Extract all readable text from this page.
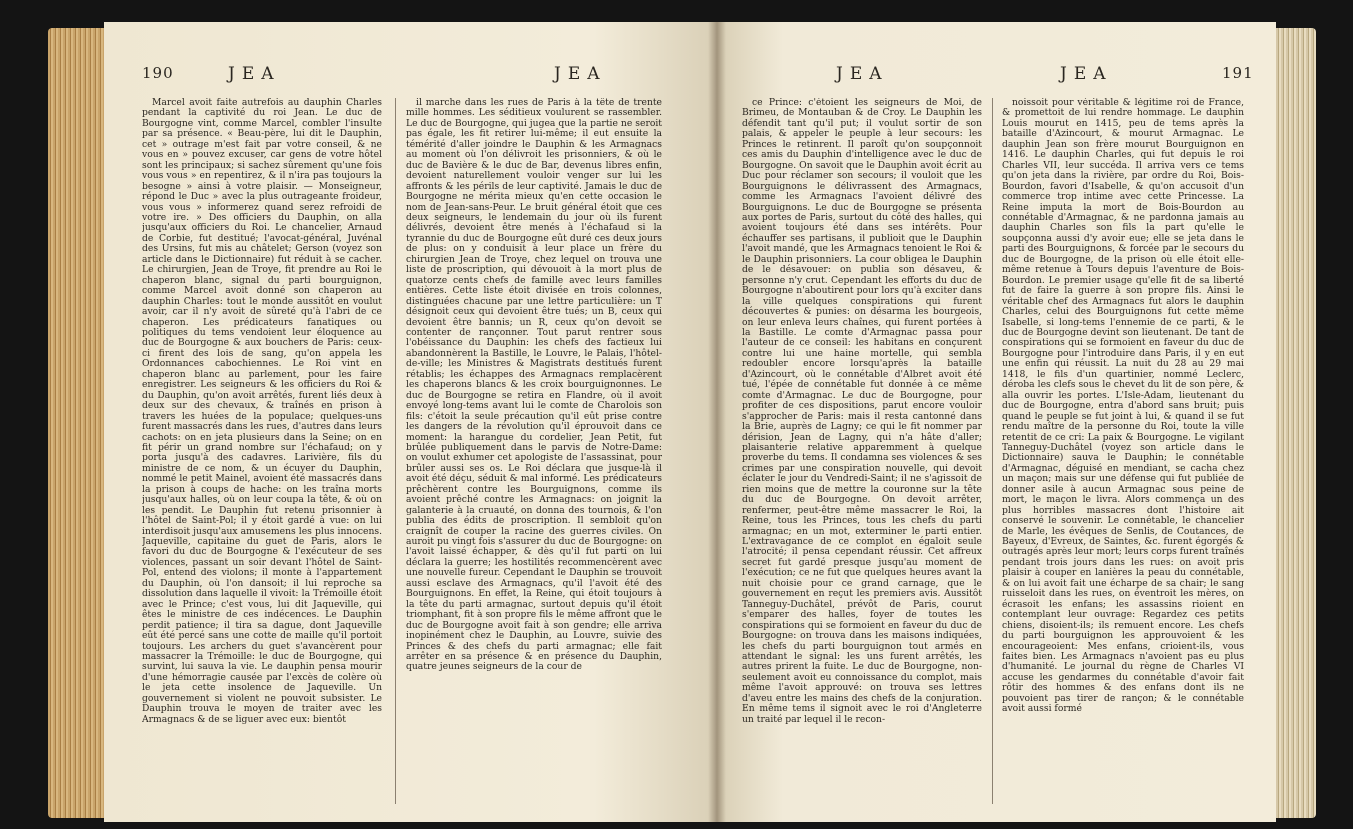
190	JEA	JEA

Marcel avoit faite autrefois au dauphin Charles pendant la captivité du roi Jean. Le duc de Bourgogne vint, comme Marcel, combler l'insulte par sa présence. « Beau-père, lui dit le Dauphin, cet » outrage m'est fait par votre conseil, & ne vous en » pouvez excuser, car gens de votre hôtel sont les principaux; si sachez sûrement qu'une fois vous vous » en repentirez, & il n'ira pas toujours la besogne » ainsi à votre plaisir. — Monseigneur, répond le Duc » avec la plus outrageante froideur, vous vous » informerez quand serez refroidi de votre ire. » Des officiers du Dauphin, on alla jusqu'aux officiers du Roi. Le chancelier, Arnaud de Corbie, fut destitué; l'avocat-général, Juvénal des Ursins, fut mis au châtelet; Gerson (voyez son article dans le Dictionnaire) fut réduit à se cacher. Le chirurgien, Jean de Troye, fit prendre au Roi le chaperon blanc, signal du parti bourguignon, comme Marcel avoit donné son chaperon au dauphin Charles: tout le monde aussitôt en voulut avoir, car il n'y avoit de sûreté qu'à l'abri de ce chaperon. Les prédicateurs fanatiques ou politiques du tems vendoient leur éloquence au duc de Bourgogne & aux bouchers de Paris: ceux-ci firent des lois de sang, qu'on appela les Ordonnances cabochiennes. Le Roi vint en chaperon blanc au parlement, pour les faire enregistrer. Les seigneurs & les officiers du Roi & du Dauphin, qu'on avoit arrêtés, furent liés deux à deux sur des chevaux, & traînés en prison à travers les huées de la populace; quelques-uns furent massacrés dans les rues, d'autres dans leurs cachots: on en jeta plusieurs dans la Seine; on en fit périr un grand nombre sur l'échafaud; on y porta jusqu'à des cadavres. Larivière, fils du ministre de ce nom, & un écuyer du Dauphin, nommé le petit Mainel, avoient été massacrés dans la prison à coups de hache: on les traîna morts jusqu'aux halles, où on leur coupa la tête, & où on les pendit. Le Dauphin fut retenu prisonnier à l'hôtel de Saint-Pol; il y étoit gardé à vue: on lui interdisoit jusqu'aux amusemens les plus innocens. Jaqueville, capitaine du guet de Paris, alors le favori du duc de Bourgogne & l'exécuteur de ses violences, passant un soir devant l'hôtel de Saint-Pol, entend des violons; il monte à l'appartement du Dauphin, où l'on dansoit; il lui reproche sa dissolution dans laquelle il vivoit: la Trémoille étoit avec le Prince; c'est vous, lui dit Jaqueville, qui êtes le ministre de ces indécences. Le Dauphin perdit patience; il tira sa dague, dont Jaqueville eût été percé sans une cotte de maille qu'il portoit toujours. Les archers du guet s'avancèrent pour massacrer la Trémoille: le duc de Bourgogne, qui survint, lui sauva la vie. Le dauphin pensa mourir d'une hémorragie causée par l'excès de colère où le jeta cette insolence de Jaqueville. Un gouvernement si violent ne pouvoit subsister. Le Dauphin trouva le moyen de traiter avec les Armagnacs & de se liguer avec eux: bientôt

il marche dans les rues de Paris à la tête de trente mille hommes. Les séditieux voulurent se rassembler. Le duc de Bourgogne, qui jugea que la partie ne seroit pas égale, les fit retirer lui-même; il eut ensuite la témérité d'aller joindre le Dauphin & les Armagnacs au moment où l'on délivroit les prisonniers, & où le duc de Bavière & le duc de Bar, devenus libres enfin, devoient naturellement vouloir venger sur lui les affronts & les périls de leur captivité. Jamais le duc de Bourgogne ne mérita mieux qu'en cette occasion le nom de Jean-sans-Peur. Le bruit général étoit que ces deux seigneurs, le lendemain du jour où ils furent délivrés, devoient être menés à l'échafaud si la tyrannie du duc de Bourgogne eût duré ces deux jours de plus: on y conduisit à leur place un frère du chirurgien Jean de Troye, chez lequel on trouva une liste de proscription, qui dévouoit à la mort plus de quatorze cents chefs de famille avec leurs familles entières. Cette liste étoit divisée en trois colonnes, distinguées chacune par une lettre particulière: un T désignoit ceux qui devoient être tués; un B, ceux qui devoient être bannis; un R, ceux qu'on devoit se contenter de rançonner. Tout parut rentrer sous l'obéissance du Dauphin: les chefs des factieux lui abandonnèrent la Bastille, le Louvre, le Palais, l'hôtel-de-ville; les Ministres & Magistrats destitués furent rétablis; les échappes des Armagnacs remplacèrent les chaperons blancs & les croix bourguignonnes. Le duc de Bourgogne se retira en Flandre, où il avoit envoyé long-tems avant lui le comte de Charolois son fils: c'étoit la seule précaution qu'il eût prise contre les dangers de la révolution qu'il éprouvoit dans ce moment: la harangue du cordelier, Jean Petit, fut brûlée publiquement dans le parvis de Notre-Dame: on voulut exhumer cet apologiste de l'assassinat, pour brûler aussi ses os. Le Roi déclara que jusque-là il avoit été déçu, séduit & mal informé. Les prédicateurs prêchèrent contre les Bourguignons, comme ils avoient prêché contre les Armagnacs: on joignit la galanterie à la cruauté, on donna des tournois, & l'on publia des édits de proscription. Il sembloit qu'on craignît de couper la racine des guerres civiles. On auroit pu vingt fois s'assurer du duc de Bourgogne: on l'avoit laissé échapper, & dès qu'il fut parti on lui déclara la guerre; les hostilités recommencèrent avec une nouvelle fureur. Cependant le Dauphin se trouvoit aussi esclave des Armagnacs, qu'il l'avoit été des Bourguignons. En effet, la Reine, qui étoit toujours à la tête du parti armagnac, surtout depuis qu'il étoit triomphant, fit à son propre fils le même affront que le duc de Bourgogne avoit fait à son gendre; elle arriva inopinément chez le Dauphin, au Louvre, suivie des Princes & des chefs du parti armagnac; elle fait arrêter en sa présence & en présence du Dauphin, quatre jeunes seigneurs de la cour de

JEA	JEA	191

ce Prince: c'étoient les seigneurs de Moi, de Brimeu, de Montauban & de Croy. Le Dauphin les défendit tant qu'il put; il voulut sortir de son palais, & appeler le peuple à leur secours: les Princes le retinrent. Il paroît qu'on soupçonnoit ces amis du Dauphin d'intelligence avec le duc de Bourgogne. On savoit que le Dauphin avoit écrit au Duc pour réclamer son secours; il vouloit que les Bourguignons le délivrassent des Armagnacs, comme les Armagnacs l'avoient délivré des Bourguignons. Le duc de Bourgogne se présenta aux portes de Paris, surtout du côté des halles, qui avoient toujours été dans ses intérêts. Pour échauffer ses partisans, il publioit que le Dauphin l'avoit mandé, que les Armagnacs tenoient le Roi & le Dauphin prisonniers. La cour obligea le Dauphin de le désavouer: on publia son désaveu, & personne n'y crut. Cependant les efforts du duc de Bourgogne n'aboutirent pour lors qu'à exciter dans la ville quelques conspirations qui furent découvertes & punies: on désarma les bourgeois, on leur enleva leurs chaînes, qui furent portées à la Bastille. Le comte d'Armagnac passa pour l'auteur de ce conseil: les habitans en conçurent contre lui une haine mortelle, qui sembla redoubler encore lorsqu'après la bataille d'Azincourt, où le connétable d'Albret avoit été tué, l'épée de connétable fut donnée à ce même comte d'Armagnac. Le duc de Bourgogne, pour profiter de ces dispositions, parut encore vouloir s'approcher de Paris: mais il resta cantonné dans la Brie, auprès de Lagny; ce qui le fit nommer par dérision, Jean de Lagny, qui n'a hâte d'aller; plaisanterie relative apparemment à quelque proverbe du tems. Il condamna ses violences & ses crimes par une conspiration nouvelle, qui devoit éclater le jour du Vendredi-Saint; il ne s'agissoit de rien moins que de mettre la couronne sur la tête du duc de Bourgogne. On devoit arrêter, renfermer, peut-être même massacrer le Roi, la Reine, tous les Princes, tous les chefs du parti armagnac; en un mot, exterminer le parti entier. L'extravagance de ce complot en égaloit seule l'atrocité; il pensa cependant réussir. Cet affreux secret fut gardé presque jusqu'au moment de l'exécution; ce ne fut que quelques heures avant la nuit choisie pour ce grand carnage, que le gouvernement en reçut les premiers avis. Aussitôt Tanneguy-Duchâtel, prévôt de Paris, courut s'emparer des halles, foyer de toutes les conspirations qui se formoient en faveur du duc de Bourgogne: on trouva dans les maisons indiquées, les chefs du parti bourguignon tout armés en attendant le signal: les uns furent arrêtés, les autres prirent la fuite. Le duc de Bourgogne, non-seulement avoit eu connoissance du complot, mais même l'avoit approuvé: on trouva ses lettres d'aveu entre les mains des chefs de la conjuration. En même tems il signoit avec le roi d'Angleterre un traité par lequel il le recon-

noissoit pour véritable & légitime roi de France, & promettoit de lui rendre hommage. Le dauphin Louis mourut en 1415, peu de tems après la bataille d'Azincourt, & mourut Armagnac. Le dauphin Jean son frère mourut Bourguignon en 1416. Le dauphin Charles, qui fut depuis le roi Charles VII, leur succéda. Il arriva vers ce tems qu'on jeta dans la rivière, par ordre du Roi, Bois-Bourdon, favori d'Isabelle, & qu'on accusoit d'un commerce trop intime avec cette Princesse. La Reine imputa la mort de Bois-Bourdon au connétable d'Armagnac, & ne pardonna jamais au dauphin Charles son fils la part qu'elle le soupçonna aussi d'y avoir eue; elle se jeta dans le parti des Bourguignons, & forcée par le secours du duc de Bourgogne, de la prison où elle étoit elle-même retenue à Tours depuis l'aventure de Bois-Bourdon. Le premier usage qu'elle fit de sa liberté fut de faire la guerre à son propre fils. Ainsi le véritable chef des Armagnacs fut alors le dauphin Charles, celui des Bourguignons fut cette même Isabelle, si long-tems l'ennemie de ce parti, & le duc de Bourgogne devint son lieutenant. De tant de conspirations qui se formoient en faveur du duc de Bourgogne pour l'introduire dans Paris, il y en eut une enfin qui réussit. La nuit du 28 au 29 mai 1418, le fils d'un quartinier, nommé Leclerc, déroba les clefs sous le chevet du lit de son père, & alla ouvrir les portes. L'Isle-Adam, lieutenant du duc de Bourgogne, entra d'abord sans bruit; puis quand le peuple se fut joint à lui, & quand il se fut rendu maître de la personne du Roi, toute la ville retentit de ce cri: La paix & Bourgogne. Le vigilant Tanneguy-Duchâtel (voyez son article dans le Dictionnaire) sauva le Dauphin; le connétable d'Armagnac, déguisé en mendiant, se cacha chez un maçon; mais sur une défense qui fut publiée de donner asile à aucun Armagnac sous peine de mort, le maçon le livra. Alors commença un des plus horribles massacres dont l'histoire ait conservé le souvenir. Le connétable, le chancelier de Marle, les évêques de Senlis, de Coutances, de Bayeux, d'Evreux, de Saintes, &c. furent égorgés & outragés après leur mort; leurs corps furent traînés pendant trois jours dans les rues: on avoit pris plaisir à couper en lanières la peau du connétable, & on lui avoit fait une écharpe de sa chair; le sang ruisseloit dans les rues, on éventroit les mères, on écrasoit les enfans; les assassins rioient en contemplant leur ouvrage: Regardez ces petits chiens, disoient-ils; ils remuent encore. Les chefs du parti bourguignon les approuvoient & les encourageoient: Mes enfans, crioient-ils, vous faites bien. Les Armagnacs n'avoient pas eu plus d'humanité. Le journal du règne de Charles VI accuse les gendarmes du connétable d'avoir fait rôtir des hommes & des enfans dont ils ne pouvoient pas tirer de rançon; & le connétable avoit aussi formé
